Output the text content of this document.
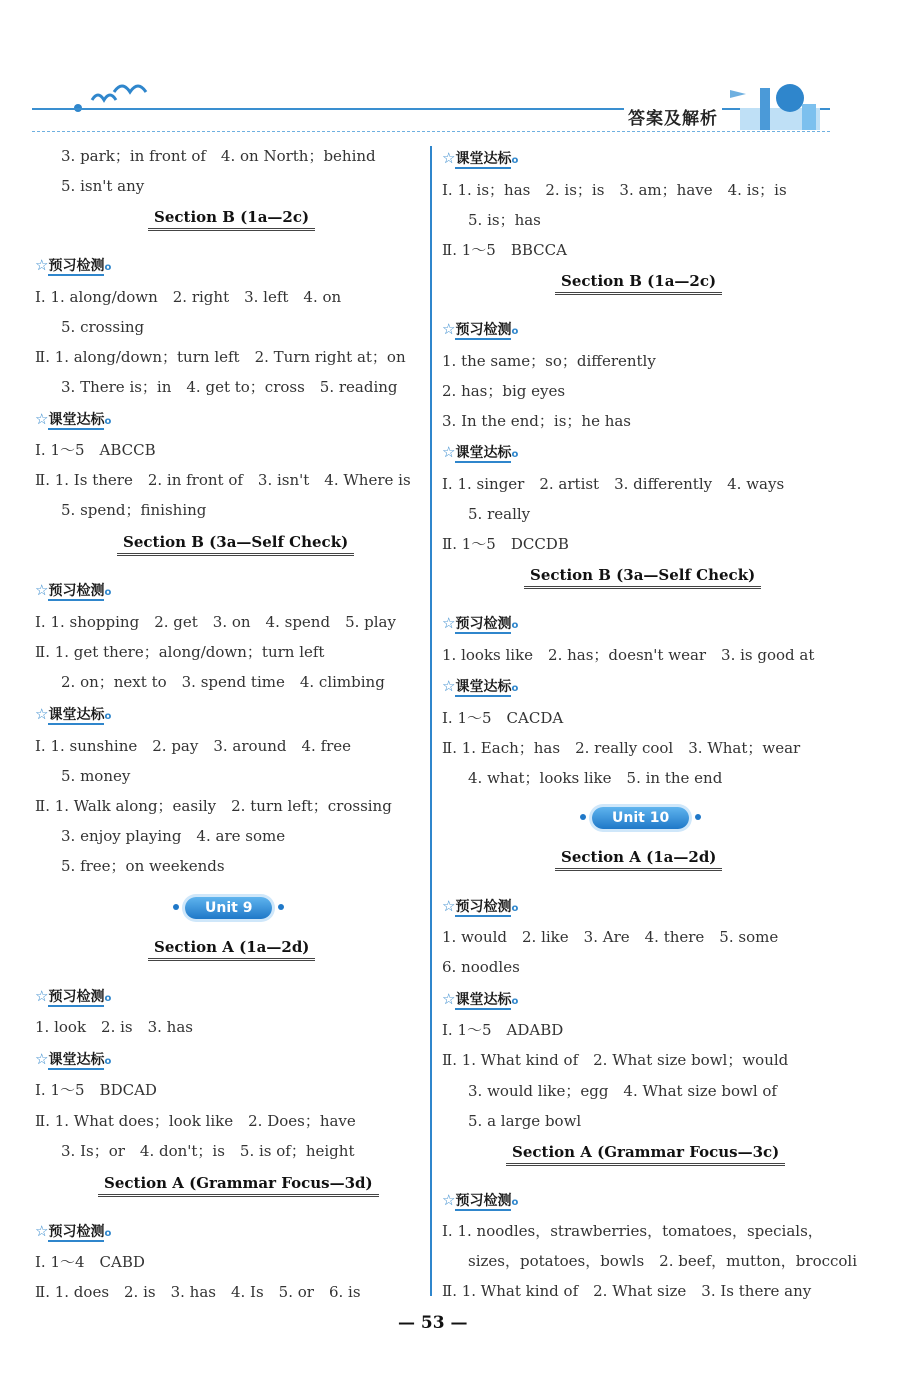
答案及解析
3. park；in front of　4. on North；behind
5. isn't any
Section B (1a—2c)
☆预习检测o
Ⅰ. 1. along/down　2. right　3. left　4. on
5. crossing
Ⅱ. 1. along/down；turn left　2. Turn right at；on
3. There is；in　4. get to；cross　5. reading
☆课堂达标o
Ⅰ. 1～5　ABCCB
Ⅱ. 1. Is there　2. in front of　3. isn't　4. Where is
5. spend；finishing
Section B (3a—Self Check)
☆预习检测o
Ⅰ. 1. shopping　2. get　3. on　4. spend　5. play
Ⅱ. 1. get there；along/down；turn left
2. on；next to　3. spend time　4. climbing
☆课堂达标o
Ⅰ. 1. sunshine　2. pay　3. around　4. free
5. money
Ⅱ. 1. Walk along；easily　2. turn left；crossing
3. enjoy playing　4. are some
5. free；on weekends
Unit 9
Section A (1a—2d)
☆预习检测o
1. look　2. is　3. has
☆课堂达标o
Ⅰ. 1～5　BDCAD
Ⅱ. 1. What does；look like　2. Does；have
3. Is；or　4. don't；is　5. is of；height
Section A (Grammar Focus—3d)
☆预习检测o
Ⅰ. 1～4　CABD
Ⅱ. 1. does　2. is　3. has　4. Is　5. or　6. is
☆课堂达标o
Ⅰ. 1. is；has　2. is；is　3. am；have　4. is；is
5. is；has
Ⅱ. 1～5　BBCCA
Section B (1a—2c)
☆预习检测o
1. the same；so；differently
2. has；big eyes
3. In the end；is；he has
☆课堂达标o
Ⅰ. 1. singer　2. artist　3. differently　4. ways
5. really
Ⅱ. 1～5　DCCDB
Section B (3a—Self Check)
☆预习检测o
1. looks like　2. has；doesn't wear　3. is good at
☆课堂达标o
Ⅰ. 1～5　CACDA
Ⅱ. 1. Each；has　2. really cool　3. What；wear
4. what；looks like　5. in the end
Unit 10
Section A (1a—2d)
☆预习检测o
1. would　2. like　3. Are　4. there　5. some
6. noodles
☆课堂达标o
Ⅰ. 1～5　ADABD
Ⅱ. 1. What kind of　2. What size bowl；would
3. would like；egg　4. What size bowl of
5. a large bowl
Section A (Grammar Focus—3c)
☆预习检测o
Ⅰ. 1. noodles，strawberries，tomatoes，specials，
sizes，potatoes，bowls　2. beef，mutton，broccoli
Ⅱ. 1. What kind of　2. What size　3. Is there any
— 53 —
